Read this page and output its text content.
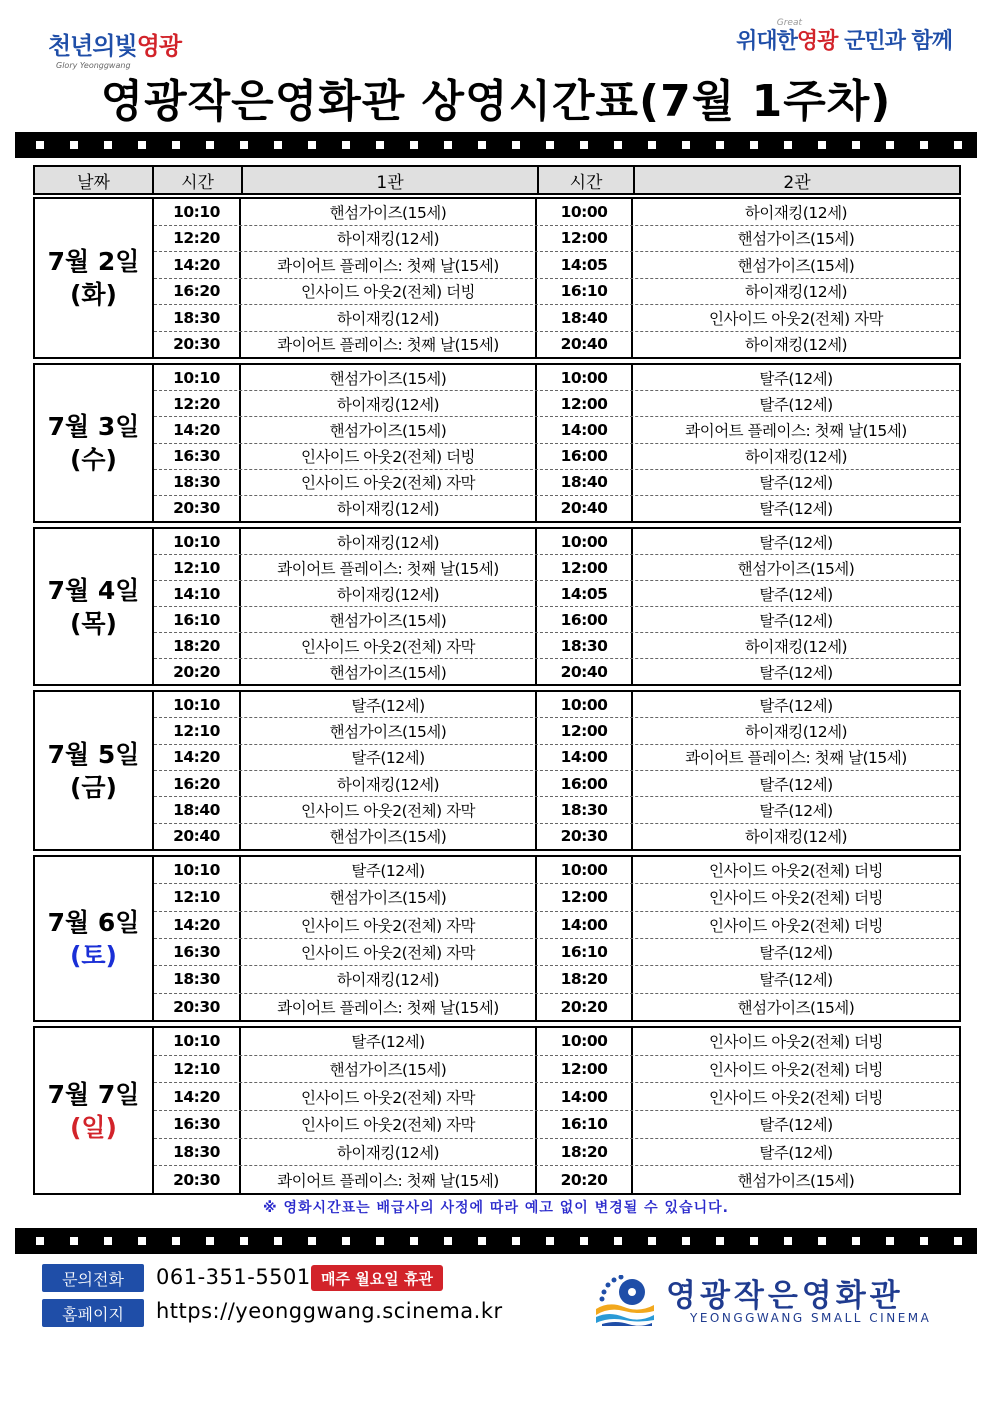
천년의빛영광
Glory Yeonggwang
Great
위대한영광 군민과 함께
영광작은영화관 상영시간표(7월 1주차)
날짜	시간	1관	시간	2관
7월 2일
(화)
10:10	핸섬가이즈(15세)	10:00	하이재킹(12세)
12:20	하이재킹(12세)	12:00	핸섬가이즈(15세)
14:20	콰이어트 플레이스: 첫째 날(15세)	14:05	핸섬가이즈(15세)
16:20	인사이드 아웃2(전체) 더빙	16:10	하이재킹(12세)
18:30	하이재킹(12세)	18:40	인사이드 아웃2(전체) 자막
20:30	콰이어트 플레이스: 첫째 날(15세)	20:40	하이재킹(12세)
7월 3일
(수)
10:10	핸섬가이즈(15세)	10:00	탈주(12세)
12:20	하이재킹(12세)	12:00	탈주(12세)
14:20	핸섬가이즈(15세)	14:00	콰이어트 플레이스: 첫째 날(15세)
16:30	인사이드 아웃2(전체) 더빙	16:00	하이재킹(12세)
18:30	인사이드 아웃2(전체) 자막	18:40	탈주(12세)
20:30	하이재킹(12세)	20:40	탈주(12세)
7월 4일
(목)
10:10	하이재킹(12세)	10:00	탈주(12세)
12:10	콰이어트 플레이스: 첫째 날(15세)	12:00	핸섬가이즈(15세)
14:10	하이재킹(12세)	14:05	탈주(12세)
16:10	핸섬가이즈(15세)	16:00	탈주(12세)
18:20	인사이드 아웃2(전체) 자막	18:30	하이재킹(12세)
20:20	핸섬가이즈(15세)	20:40	탈주(12세)
7월 5일
(금)
10:10	탈주(12세)	10:00	탈주(12세)
12:10	핸섬가이즈(15세)	12:00	하이재킹(12세)
14:20	탈주(12세)	14:00	콰이어트 플레이스: 첫째 날(15세)
16:20	하이재킹(12세)	16:00	탈주(12세)
18:40	인사이드 아웃2(전체) 자막	18:30	탈주(12세)
20:40	핸섬가이즈(15세)	20:30	하이재킹(12세)
7월 6일
(토)
10:10	탈주(12세)	10:00	인사이드 아웃2(전체) 더빙
12:10	핸섬가이즈(15세)	12:00	인사이드 아웃2(전체) 더빙
14:20	인사이드 아웃2(전체) 자막	14:00	인사이드 아웃2(전체) 더빙
16:30	인사이드 아웃2(전체) 자막	16:10	탈주(12세)
18:30	하이재킹(12세)	18:20	탈주(12세)
20:30	콰이어트 플레이스: 첫째 날(15세)	20:20	핸섬가이즈(15세)
7월 7일
(일)
10:10	탈주(12세)	10:00	인사이드 아웃2(전체) 더빙
12:10	핸섬가이즈(15세)	12:00	인사이드 아웃2(전체) 더빙
14:20	인사이드 아웃2(전체) 자막	14:00	인사이드 아웃2(전체) 더빙
16:30	인사이드 아웃2(전체) 자막	16:10	탈주(12세)
18:30	하이재킹(12세)	18:20	탈주(12세)
20:30	콰이어트 플레이스: 첫째 날(15세)	20:20	핸섬가이즈(15세)
※ 영화시간표는 배급사의 사정에 따라 예고 없이 변경될 수 있습니다.
문의전화	061-351-5501 매주 월요일 휴관
홈페이지	https://yeonggwang.scinema.kr	영광작은영화관
YEONGGWANG SMALL CINEMA
